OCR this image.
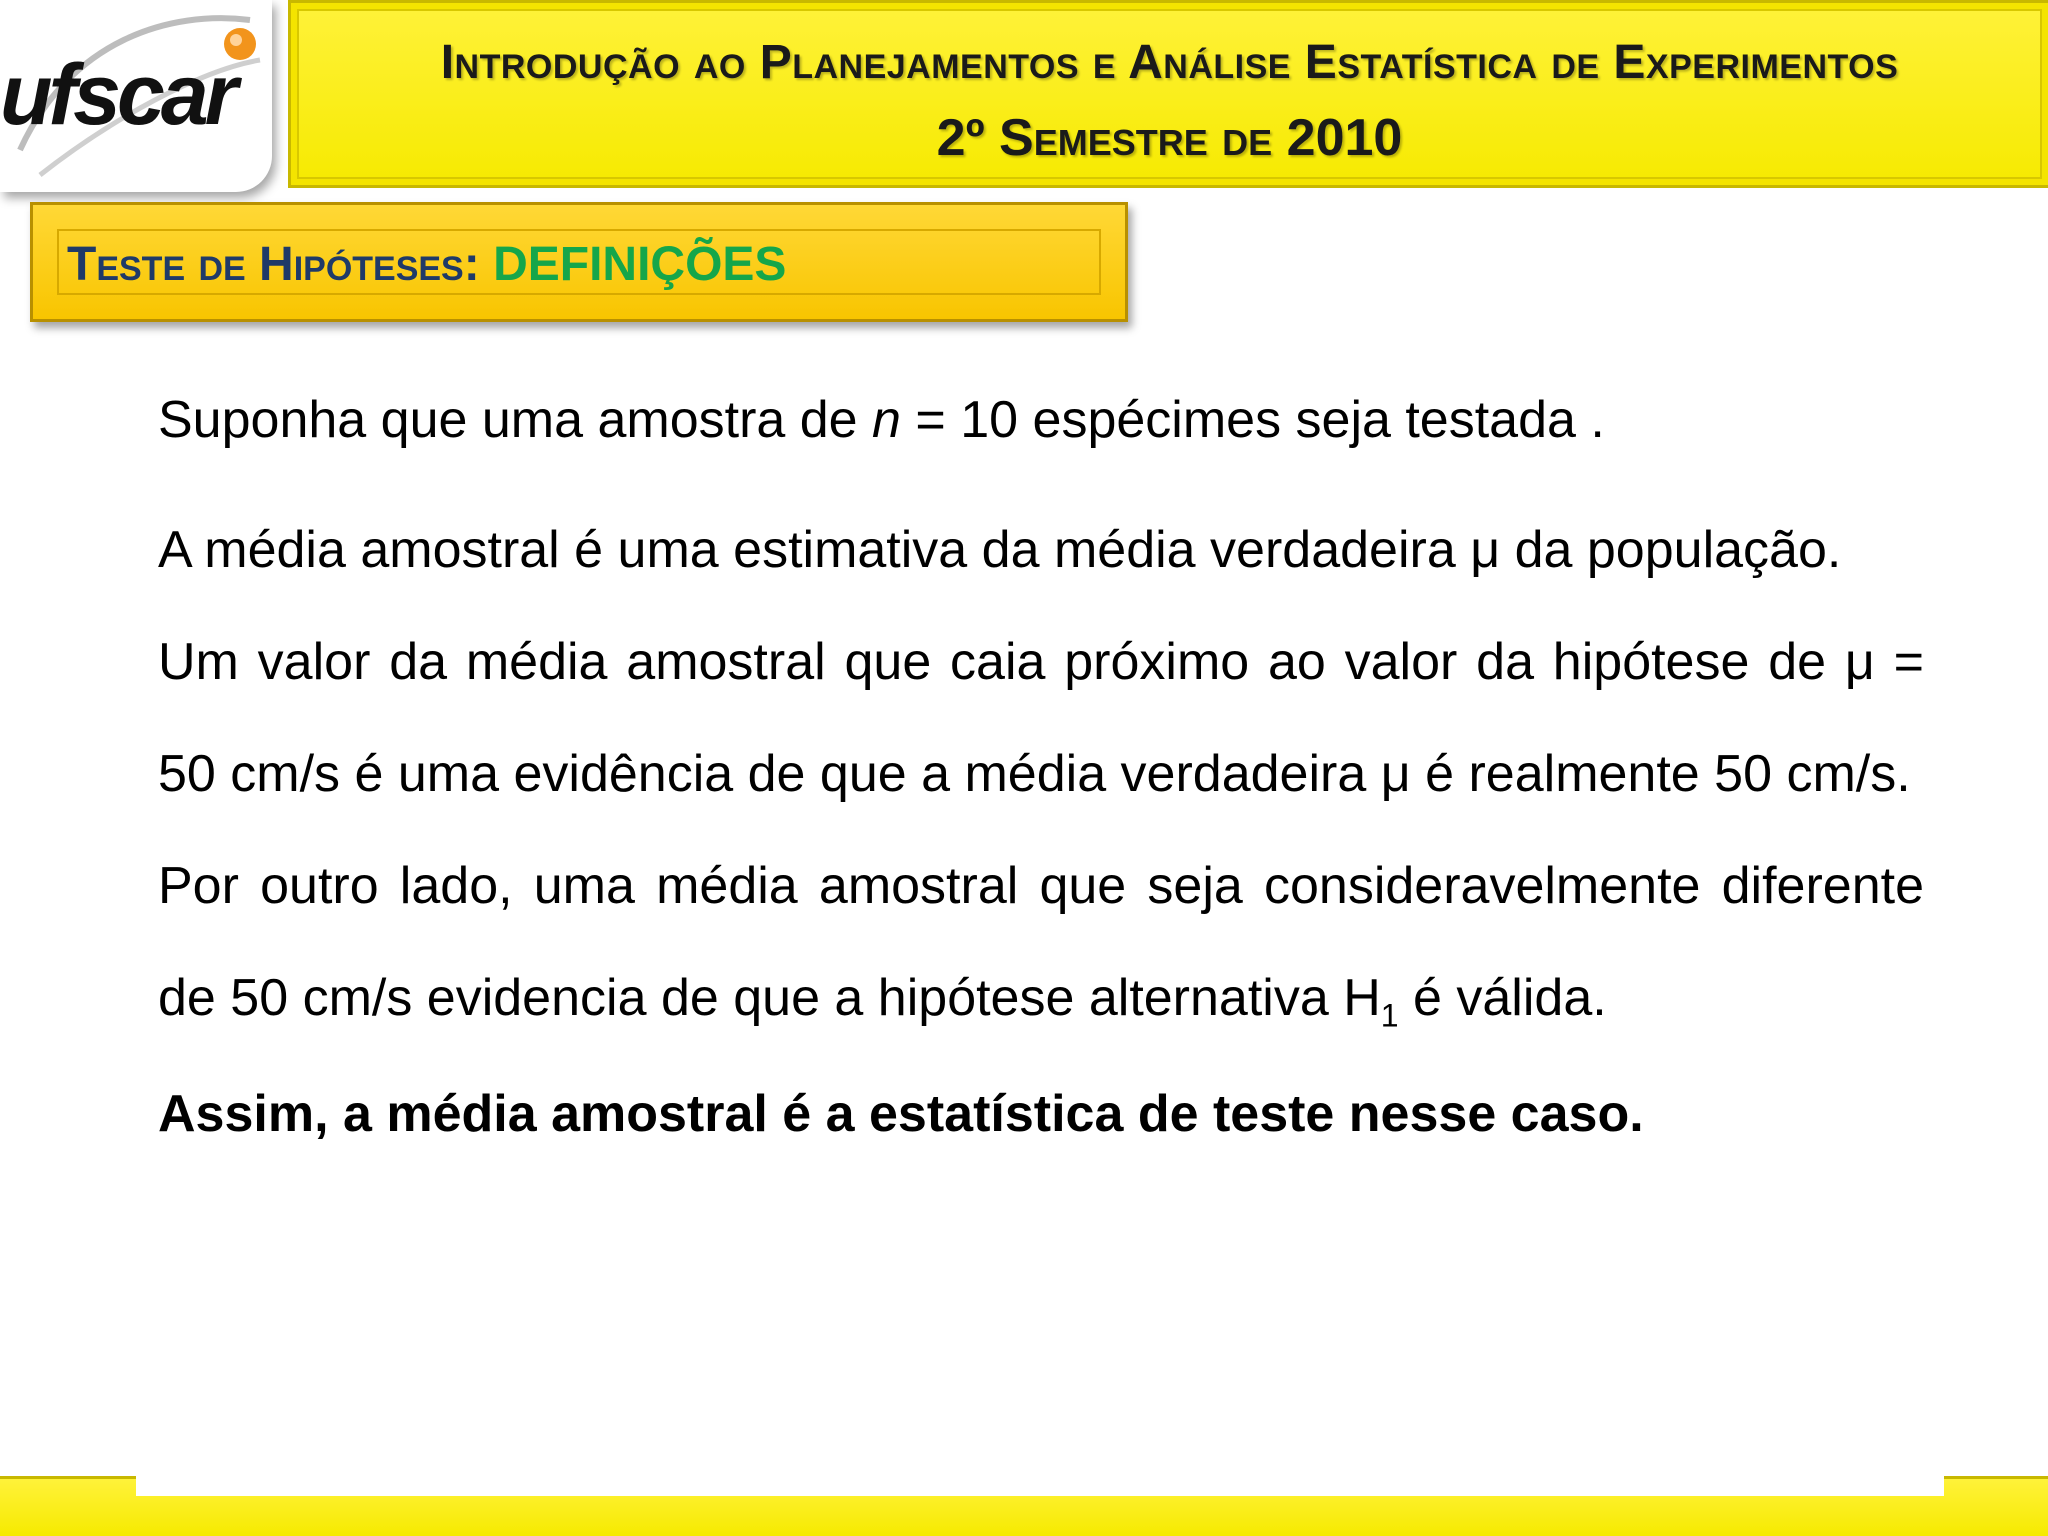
ufscar	Introdução ao Planejamentos e Análise Estatística de Experimentos
2º Semestre de 2010
Teste de Hipóteses: DEFINIÇÕES

Suponha que uma amostra de n = 10 espécimes seja testada .

A média amostral é uma estimativa da média verdadeira μ da população.

Um valor da média amostral que caia próximo ao valor da hipótese de μ = 50 cm/s é uma evidência de que a média verdadeira μ é realmente 50 cm/s.

Por outro lado, uma média amostral que seja consideravelmente diferente de 50 cm/s evidencia de que a hipótese alternativa $H_1$ é válida.

Assim, a média amostral é a estatística de teste nesse caso.
